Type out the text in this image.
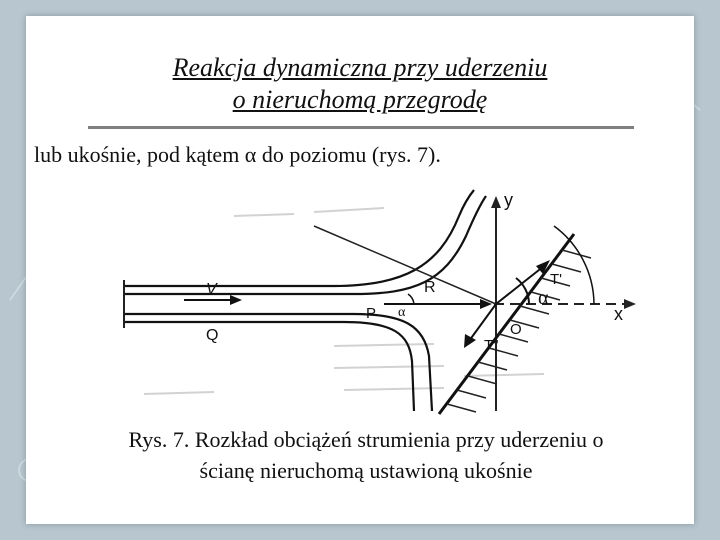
Reakcja dynamiczna przy uderzeniu
o nieruchomą przegrodę
lub ukośnie, pod kątem α do poziomu (rys. 7).
V
Q
P α
R	α
T'
T"
x
y
O
Rys. 7. Rozkład obciążeń strumienia przy uderzeniu o
ścianę nieruchomą ustawioną ukośnie
